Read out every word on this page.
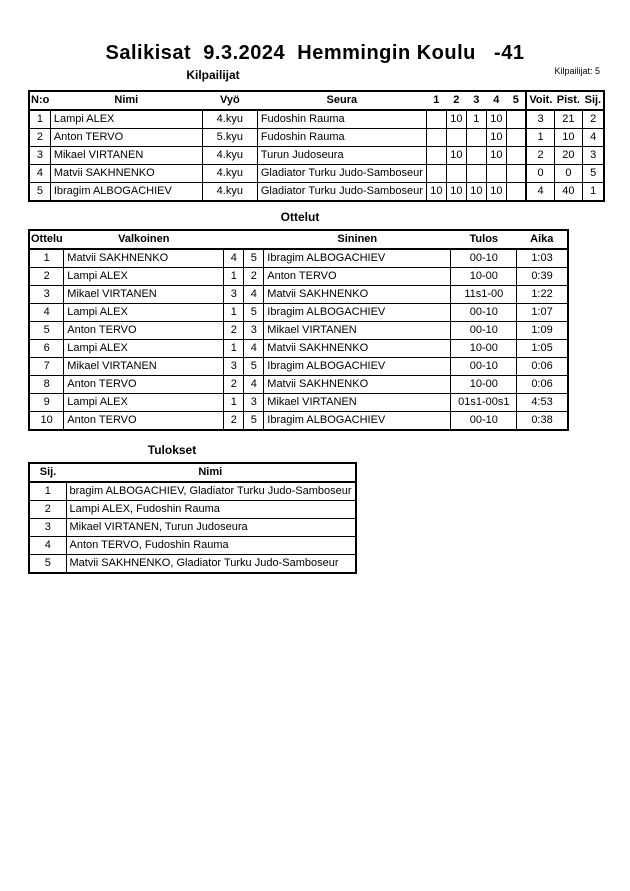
Salikisat  9.3.2024  Hemmingin Koulu   -41
Kilpailijat	Kilpailijat: 5
N:o	Nimi	Vyö	Seura	1	2	3	4	5	Voit.	Pist.	Sij.
1	Lampi ALEX	4.kyu	Fudoshin Rauma		10	1	10		3	21	2
2	Anton TERVO	5.kyu	Fudoshin Rauma				10		1	10	4
3	Mikael VIRTANEN	4.kyu	Turun Judoseura		10		10		2	20	3
4	Matvii SAKHNENKO	4.kyu	Gladiator Turku Judo-Samboseur						0	0	5
5	Ibragim ALBOGACHIEV	4.kyu	Gladiator Turku Judo-Samboseur	10	10	10	10		4	40	1
Ottelut
Ottelu	Valkoinen			Sininen	Tulos	Aika
1	Matvii SAKHNENKO	4	5	Ibragim ALBOGACHIEV	00-10	1:03
2	Lampi ALEX	1	2	Anton TERVO	10-00	0:39
3	Mikael VIRTANEN	3	4	Matvii SAKHNENKO	11s1-00	1:22
4	Lampi ALEX	1	5	Ibragim ALBOGACHIEV	00-10	1:07
5	Anton TERVO	2	3	Mikael VIRTANEN	00-10	1:09
6	Lampi ALEX	1	4	Matvii SAKHNENKO	10-00	1:05
7	Mikael VIRTANEN	3	5	Ibragim ALBOGACHIEV	00-10	0:06
8	Anton TERVO	2	4	Matvii SAKHNENKO	10-00	0:06
9	Lampi ALEX	1	3	Mikael VIRTANEN	01s1-00s1	4:53
10	Anton TERVO	2	5	Ibragim ALBOGACHIEV	00-10	0:38
Tulokset
Sij.	Nimi
1	bragim ALBOGACHIEV, Gladiator Turku Judo-Samboseur
2	Lampi ALEX, Fudoshin Rauma
3	Mikael VIRTANEN, Turun Judoseura
4	Anton TERVO, Fudoshin Rauma
5	Matvii SAKHNENKO, Gladiator Turku Judo-Samboseur
